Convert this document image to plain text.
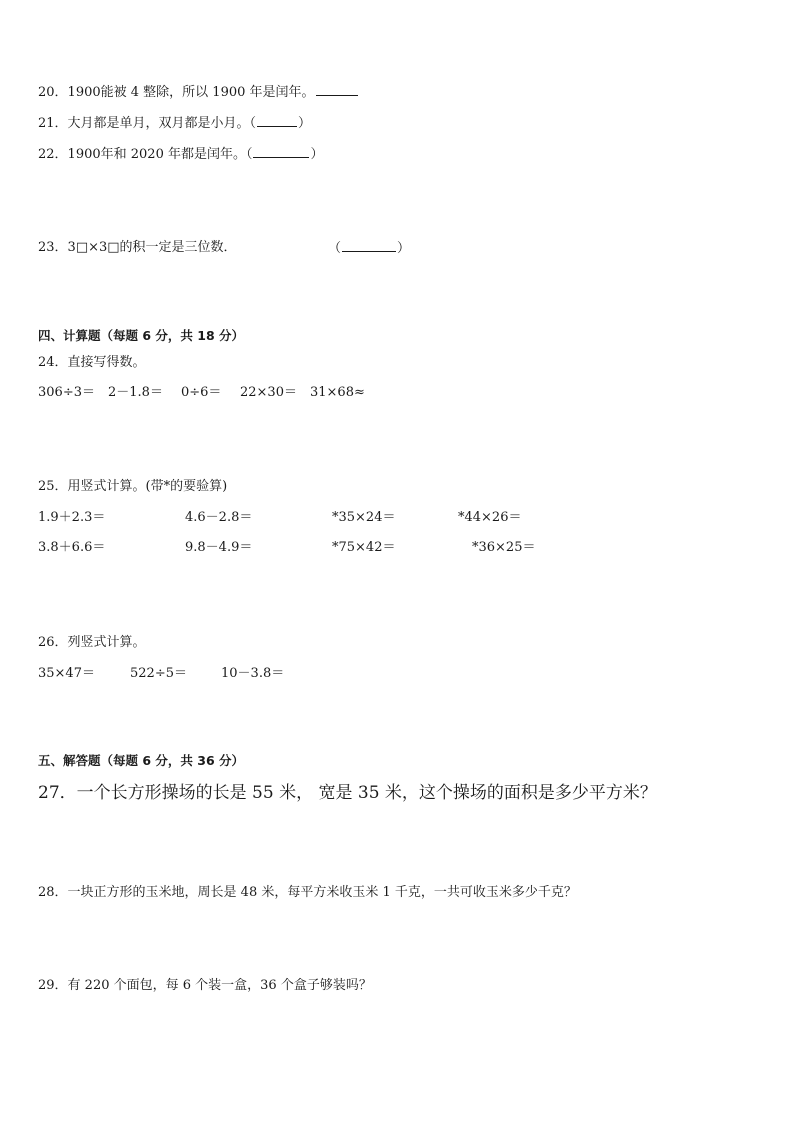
20．1900能被 4 整除，所以 1900 年是闰年。
21．大月都是单月，双月都是小月。（	）
22．1900年和 2020 年都是闰年。（	）
23．3□×3□的积一定是三位数．	（	）
四、计算题（每题 6 分，共 18 分）
24．直接写得数。
306÷3＝ 2－1.8＝ 0÷6＝ 22×30＝ 31×68≈
25．用竖式计算。(带*的要验算)
1.9＋2.3＝	4.6－2.8＝	*35×24＝	*44×26＝
3.8＋6.6＝	9.8－4.9＝	*75×42＝	*36×25＝
26．列竖式计算。
35×47＝	522÷5＝	10－3.8＝
五、解答题（每题 6 分，共 36 分）
27．一个长方形操场的长是 55 米， 宽是 35 米，这个操场的面积是多少平方米？
28．一块正方形的玉米地，周长是 48 米，每平方米收玉米 1 千克，一共可收玉米多少千克？
29．有 220 个面包，每 6 个装一盒，36 个盒子够装吗？
